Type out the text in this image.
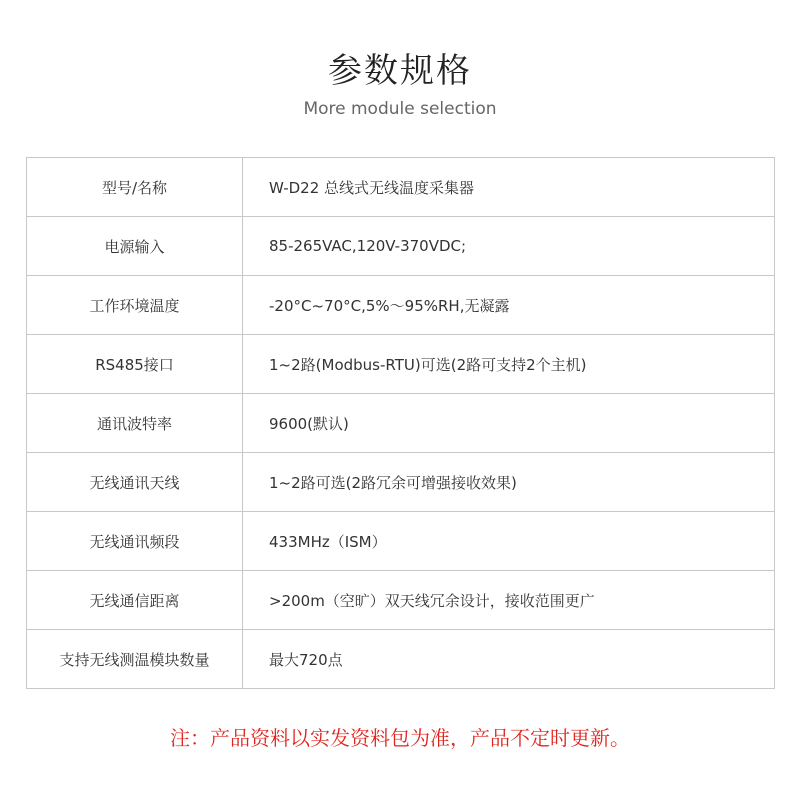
参数规格
More module selection
型号/名称	W-D22 总线式无线温度采集器
电源输入	85-265VAC,120V-370VDC;
工作环境温度	-20°C~70°C,5%～95%RH,无凝露
RS485接口	1~2路(Modbus-RTU)可选(2路可支持2个主机)
通讯波特率	9600(默认)
无线通讯天线	1~2路可选(2路冗余可增强接收效果)
无线通讯频段	433MHz（ISM）
无线通信距离	>200m（空旷）双天线冗余设计，接收范围更广
支持无线测温模块数量	最大720点
注：产品资料以实发资料包为准，产品不定时更新。
